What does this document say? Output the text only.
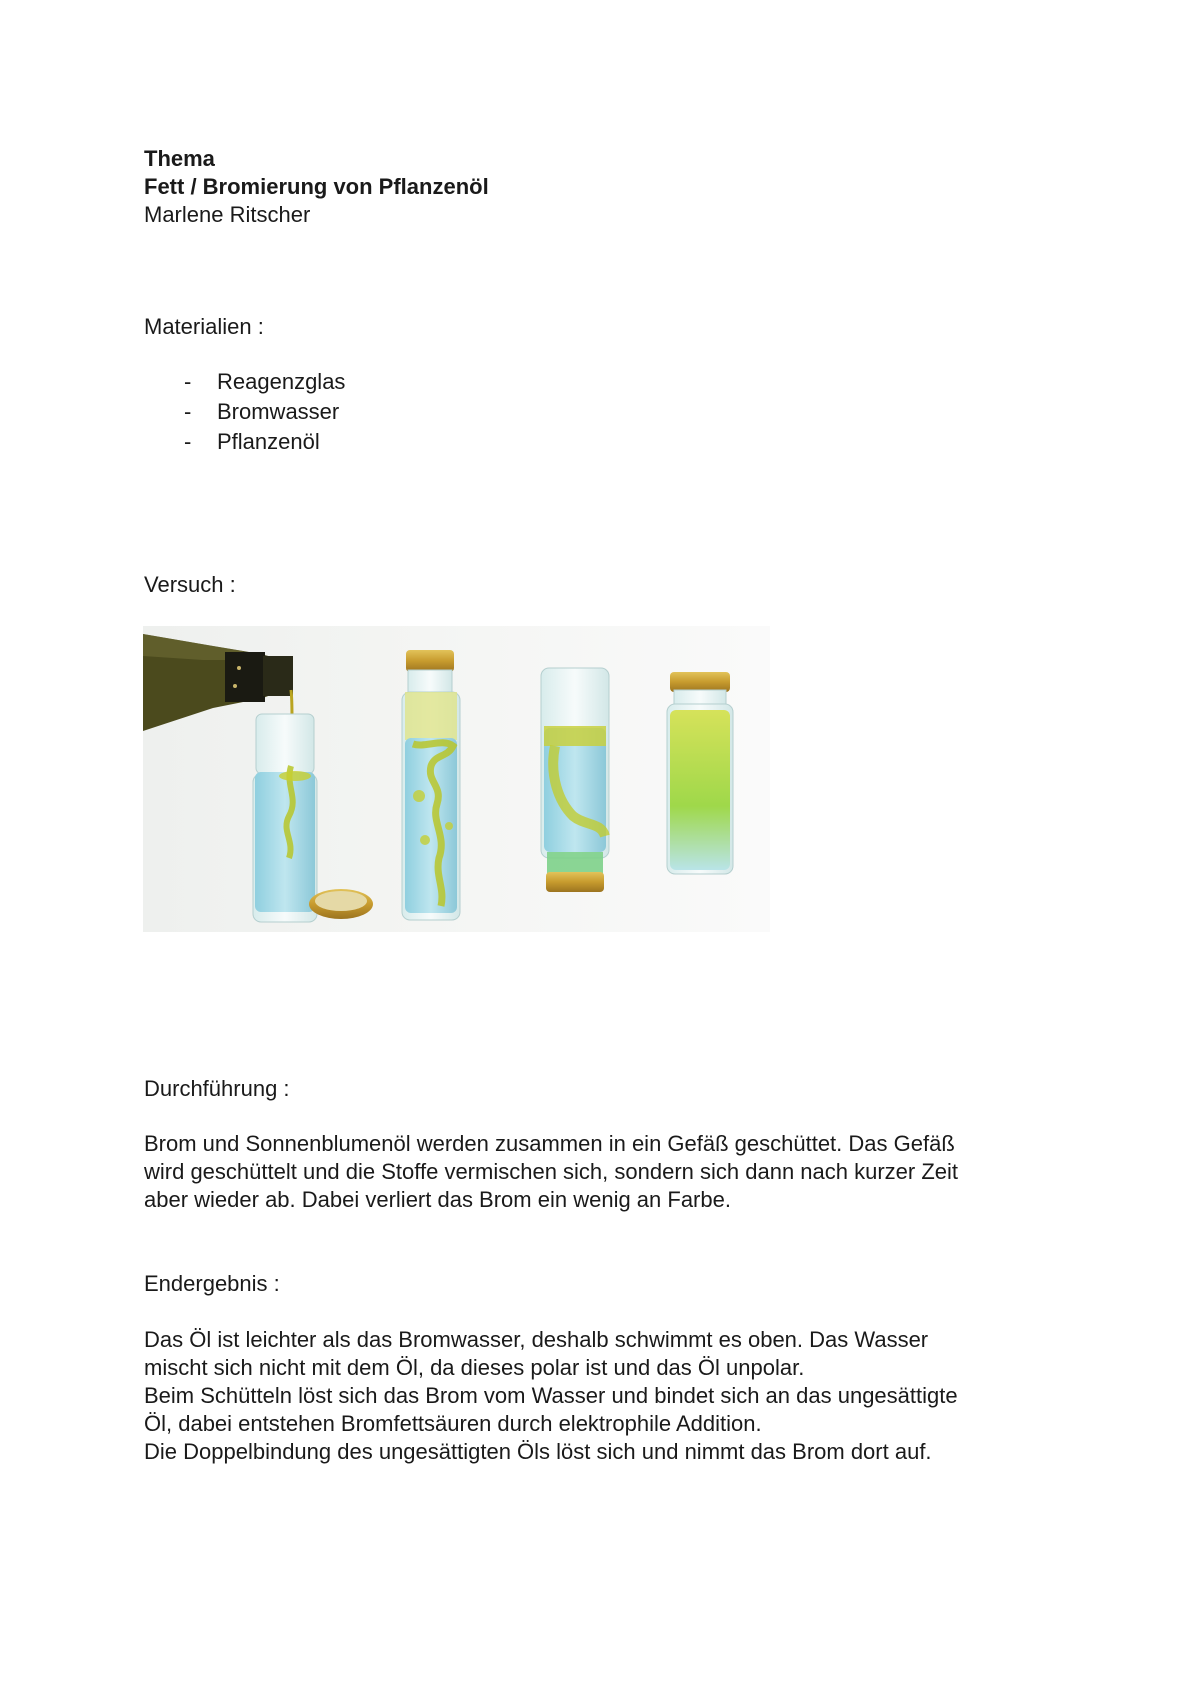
Thema
Fett / Bromierung von Pflanzenöl
Marlene Ritscher
Materialien :
- Reagenzglas
- Bromwasser
- Pflanzenöl
Versuch :
Durchführung :
Brom und Sonnenblumenöl werden zusammen in ein Gefäß geschüttet. Das Gefäß
wird geschüttelt und die Stoffe vermischen sich, sondern sich dann nach kurzer Zeit
aber wieder ab. Dabei verliert das Brom ein wenig an Farbe.
Endergebnis :
Das Öl ist leichter als das Bromwasser, deshalb schwimmt es oben. Das Wasser
mischt sich nicht mit dem Öl, da dieses polar ist und das Öl unpolar.
Beim Schütteln löst sich das Brom vom Wasser und bindet sich an das ungesättigte
Öl, dabei entstehen Bromfettsäuren durch elektrophile Addition.
Die Doppelbindung des ungesättigten Öls löst sich und nimmt das Brom dort auf.
